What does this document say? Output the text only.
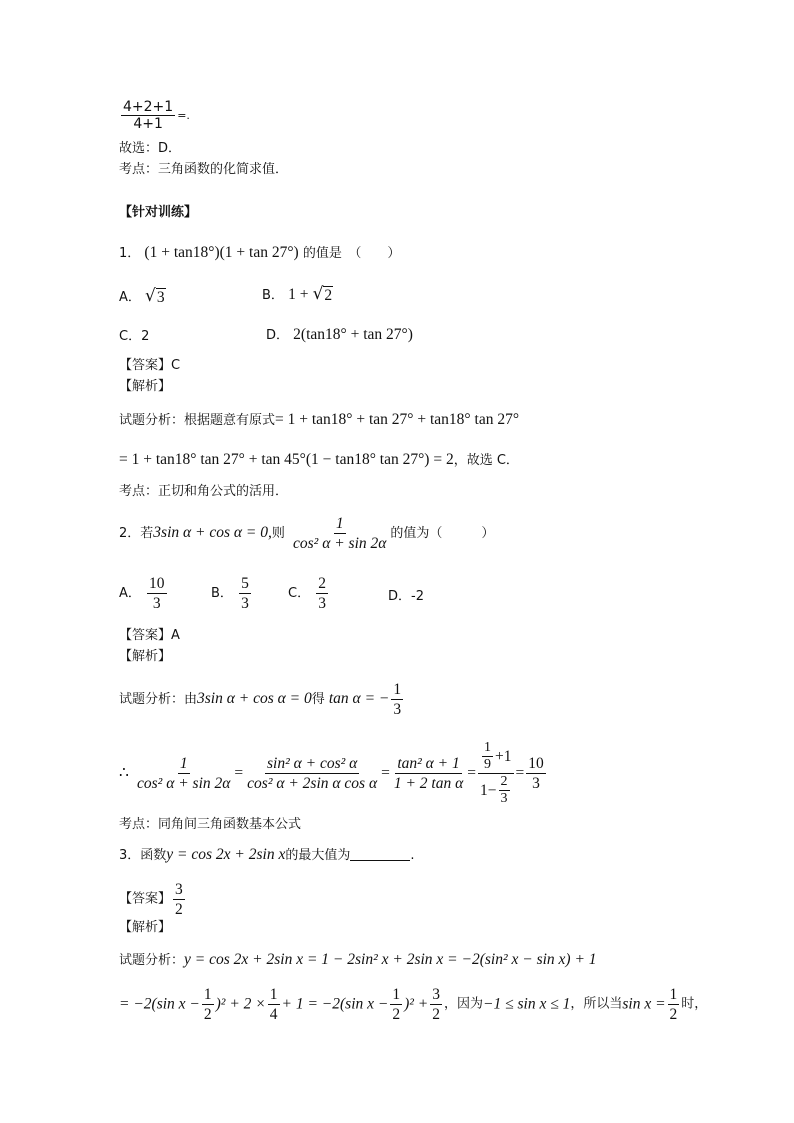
$\frac{4+2+1}{4+1}$ =.
故选：D．
考点：三角函数的化简求值．
【针对训练】
1． (1 + tan18°)(1 + tan 27°) 的值是　（　　）
A． √ 3	B． 1 + √ 2
C．2	D． 2(tan18° + tan 27°)
【答案】C
【解析】
试题分析：根据题意有原式= 1 + tan18° + tan 27° + tan18° tan 27°
= 1 + tan18° tan 27° + tan 45°(1 − tan18° tan 27°) = 2，故选 C．
考点：正切和角公式的活用．
2．若3sin α + cos α = 0,则 $\frac{1}{\text{cos² α + sin 2α}}$ 的值为（　　　）
A． $\frac{10}{3}$	B． $\frac{5}{3}$	C． $\frac{2}{3}$	D．-2
【答案】A
【解析】
试题分析：由3sin α + cos α = 0得 tan α = − $\frac{1}{3}$
∴ $\frac{1}{\text{cos² α + sin 2α}} = \frac{\text{sin² α + cos² α}}{\text{cos² α + 2sin α cos α}} = \frac{\text{tan² α + 1}}{\text{1 + 2 tan α}} = \frac{\frac{1}{9} +1}{1- \frac{2}{3}} = \frac{10}{3}$
考点：同角间三角函数基本公式
3．函数y = cos 2x + 2sin x的最大值为	.
【答案】 $\frac{3}{2}$
【解析】
试题分析：y = cos 2x + 2sin x = 1 − 2sin² x + 2sin x = −2(sin² x − sin x) + 1
= −2(sin $x - \frac{1}{2} )^2 + 2 \times \frac{1}{4} + 1 = -2(\sin$ $x - \frac{1}{2} )^2 + \frac{3}{2}$ ，因为−1 ≤ sin x ≤ 1，所以当$\sin x = \frac{1}{2}$ 时，
